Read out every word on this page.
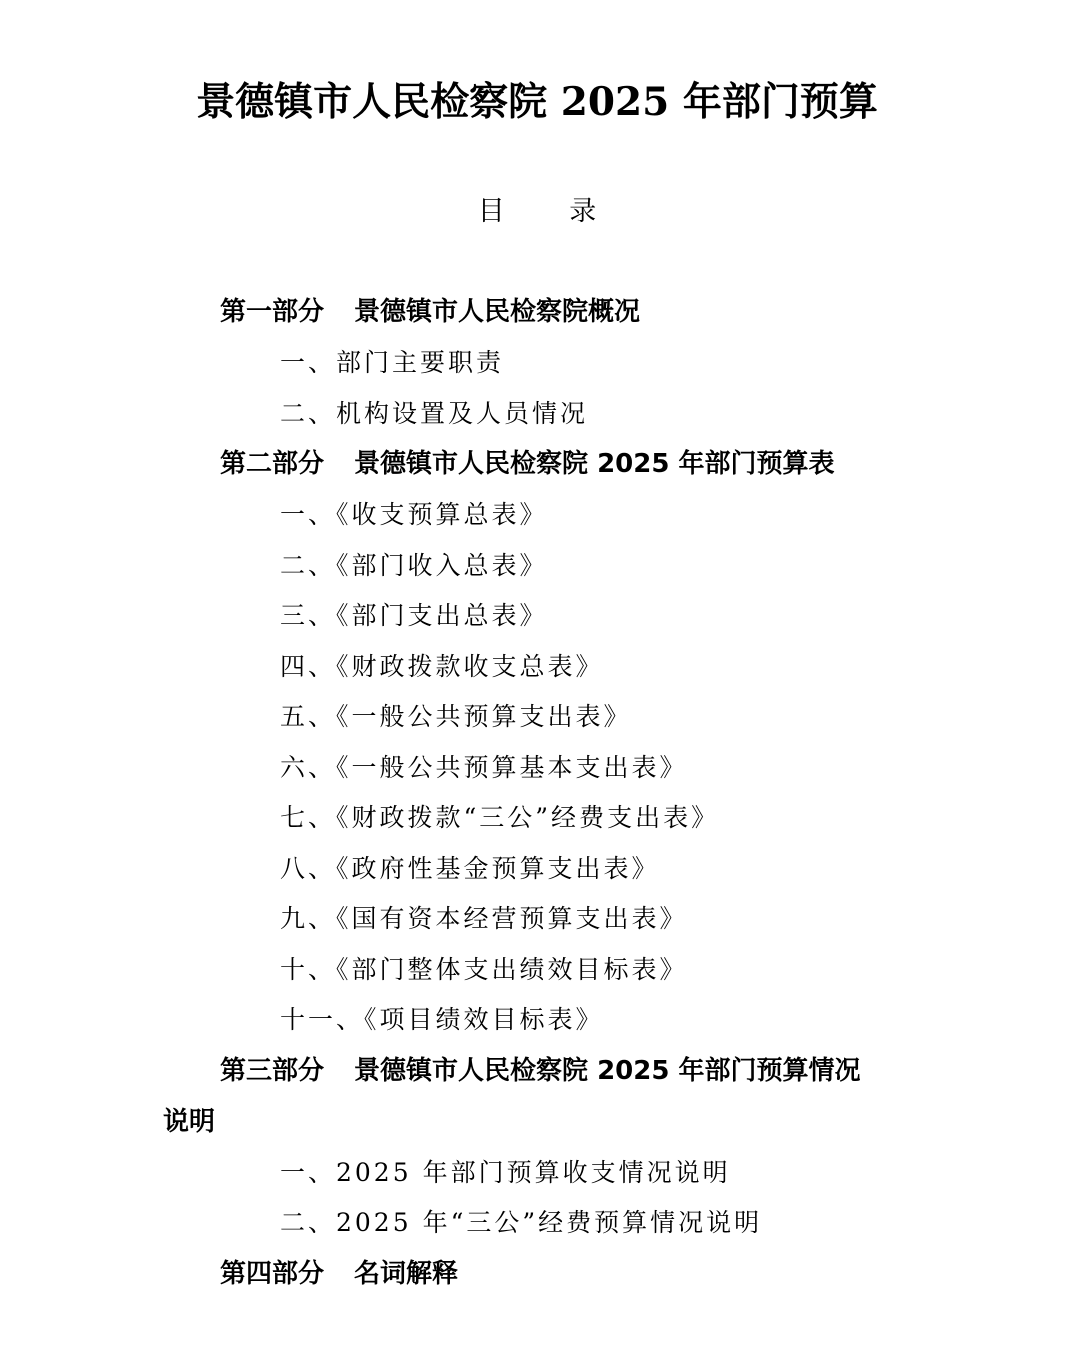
景德镇市人民检察院 2025 年部门预算
目 录
第一部分 景德镇市人民检察院概况
一、部门主要职责
二、机构设置及人员情况
第二部分 景德镇市人民检察院 2025 年部门预算表
一、《收支预算总表》
二、《部门收入总表》
三、《部门支出总表》
四、《财政拨款收支总表》
五、《一般公共预算支出表》
六、《一般公共预算基本支出表》
七、《财政拨款“三公”经费支出表》
八、《政府性基金预算支出表》
九、《国有资本经营预算支出表》
十、《部门整体支出绩效目标表》
十一、《项目绩效目标表》
第三部分 景德镇市人民检察院 2025 年部门预算情况
说明
一、2025 年部门预算收支情况说明
二、2025 年“三公”经费预算情况说明
第四部分 名词解释
